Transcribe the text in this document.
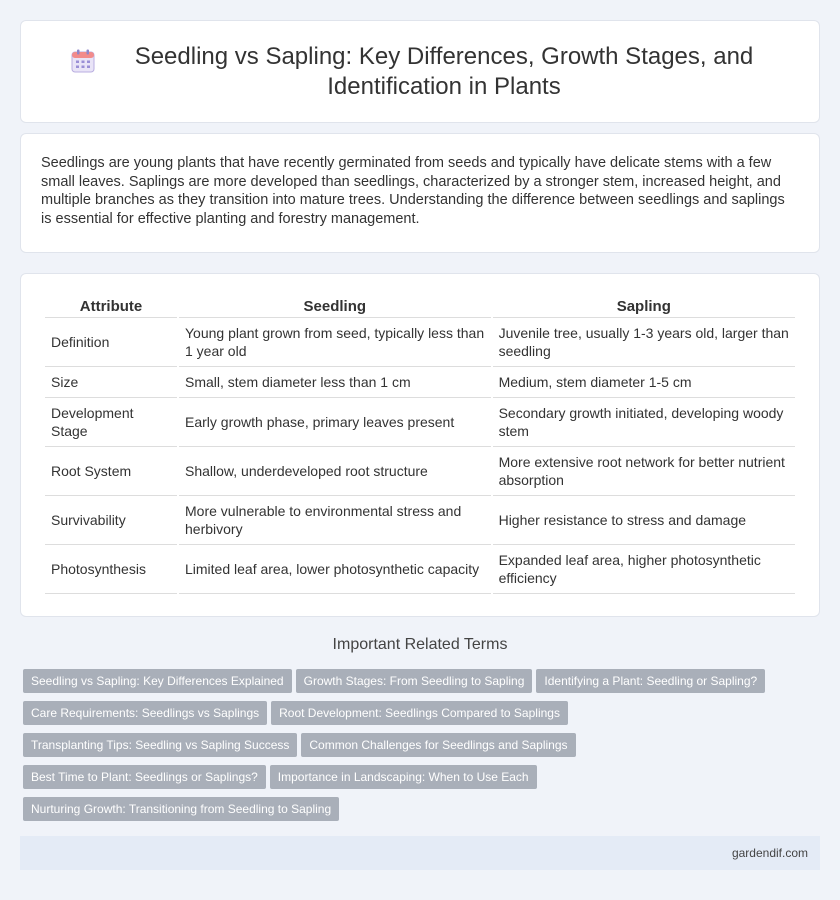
Seedling vs Sapling: Key Differences, Growth Stages, and Identification in Plants

Seedlings are young plants that have recently germinated from seeds and typically have delicate stems with a few small leaves. Saplings are more developed than seedlings, characterized by a stronger stem, increased height, and multiple branches as they transition into mature trees. Understanding the difference between seedlings and saplings is essential for effective planting and forestry management.

Attribute	Seedling	Sapling
Definition	Young plant grown from seed, typically less than 1 year old	Juvenile tree, usually 1-3 years old, larger than seedling
Size	Small, stem diameter less than 1 cm	Medium, stem diameter 1-5 cm
Development Stage	Early growth phase, primary leaves present	Secondary growth initiated, developing woody stem
Root System	Shallow, underdeveloped root structure	More extensive root network for better nutrient absorption
Survivability	More vulnerable to environmental stress and herbivory	Higher resistance to stress and damage
Photosynthesis	Limited leaf area, lower photosynthetic capacity	Expanded leaf area, higher photosynthetic efficiency
Important Related Terms
Seedling vs Sapling: Key Differences Explained Growth Stages: From Seedling to Sapling Identifying a Plant: Seedling or Sapling?
Care Requirements: Seedlings vs Saplings Root Development: Seedlings Compared to Saplings
Transplanting Tips: Seedling vs Sapling Success Common Challenges for Seedlings and Saplings
Best Time to Plant: Seedlings or Saplings? Importance in Landscaping: When to Use Each
Nurturing Growth: Transitioning from Seedling to Sapling
gardendif.com
